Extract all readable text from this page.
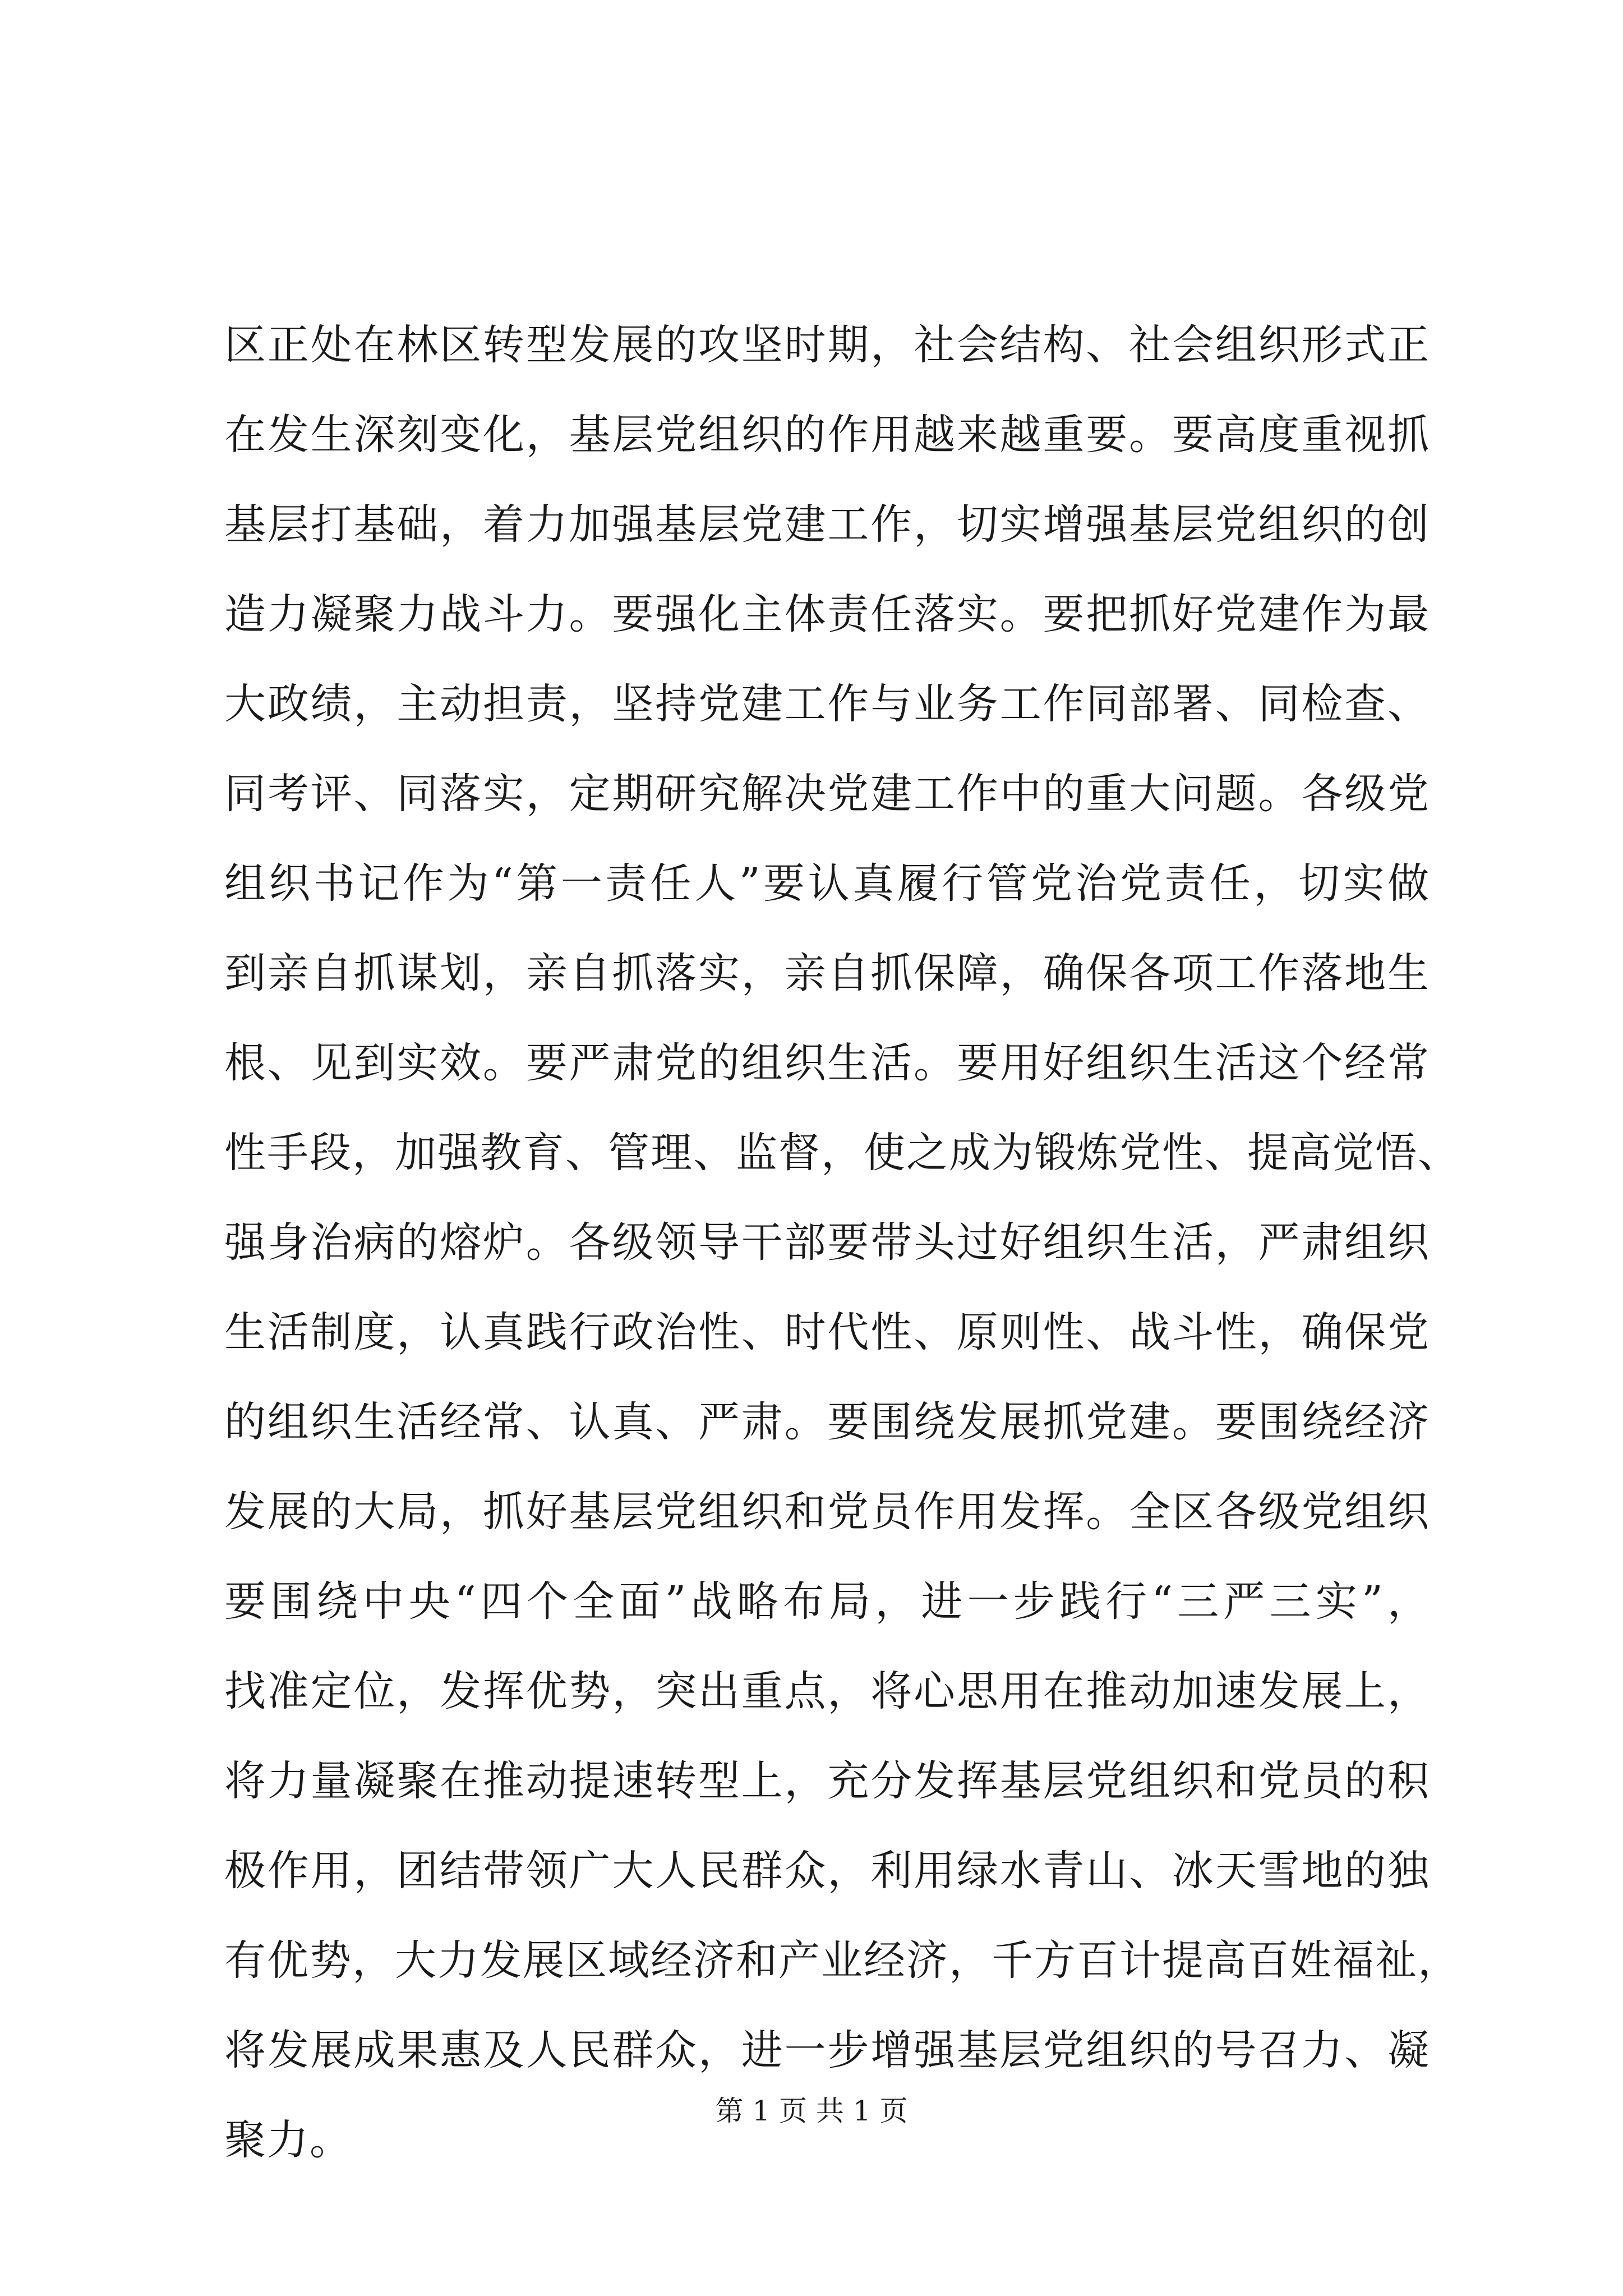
区正处在林区转型发展的攻坚时期，社会结构、社会组织形式正
在发生深刻变化，基层党组织的作用越来越重要。要高度重视抓
基层打基础，着力加强基层党建工作，切实增强基层党组织的创
造力凝聚力战斗力。要强化主体责任落实。要把抓好党建作为最
大政绩，主动担责，坚持党建工作与业务工作同部署、同检查、
同考评、同落实，定期研究解决党建工作中的重大问题。各级党
组织书记作为“第一责任人”要认真履行管党治党责任，切实做
到亲自抓谋划，亲自抓落实，亲自抓保障，确保各项工作落地生
根、见到实效。要严肃党的组织生活。要用好组织生活这个经常
性手段，加强教育、管理、监督，使之成为锻炼党性、提高觉悟、
强身治病的熔炉。各级领导干部要带头过好组织生活，严肃组织
生活制度，认真践行政治性、时代性、原则性、战斗性，确保党
的组织生活经常、认真、严肃。要围绕发展抓党建。要围绕经济
发展的大局，抓好基层党组织和党员作用发挥。全区各级党组织
要围绕中央“四个全面”战略布局，进一步践行“三严三实”，
找准定位，发挥优势，突出重点，将心思用在推动加速发展上，
将力量凝聚在推动提速转型上，充分发挥基层党组织和党员的积
极作用，团结带领广大人民群众，利用绿水青山、冰天雪地的独
有优势，大力发展区域经济和产业经济，千方百计提高百姓福祉，
将发展成果惠及人民群众，进一步增强基层党组织的号召力、凝
聚力。
第 1 页 共 1 页
